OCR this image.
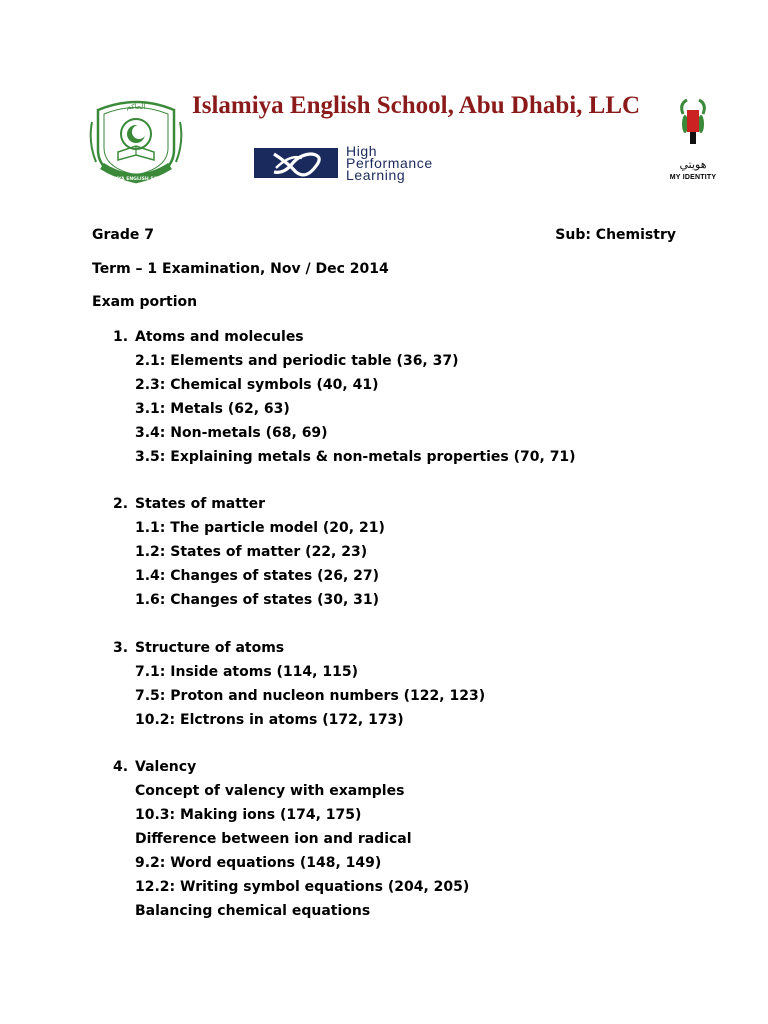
الحاكم
ISLAMIYA ENGLISH SCHOOL
Islamiya English School, Abu Dhabi, LLC
High
Performance
Learning
هويتي
MY IDENTITY
Grade 7	Sub: Chemistry
Term – 1 Examination, Nov / Dec 2014
Exam portion
1. Atoms and molecules
2.1: Elements and periodic table (36, 37)
2.3: Chemical symbols (40, 41)
3.1: Metals (62, 63)
3.4: Non-metals (68, 69)
3.5: Explaining metals & non-metals properties (70, 71)
2. States of matter
1.1: The particle model (20, 21)
1.2: States of matter (22, 23)
1.4: Changes of states (26, 27)
1.6: Changes of states (30, 31)
3. Structure of atoms
7.1: Inside atoms (114, 115)
7.5: Proton and nucleon numbers (122, 123)
10.2: Elctrons in atoms (172, 173)
4. Valency
Concept of valency with examples
10.3: Making ions (174, 175)
Difference between ion and radical
9.2: Word equations (148, 149)
12.2: Writing symbol equations (204, 205)
Balancing chemical equations
